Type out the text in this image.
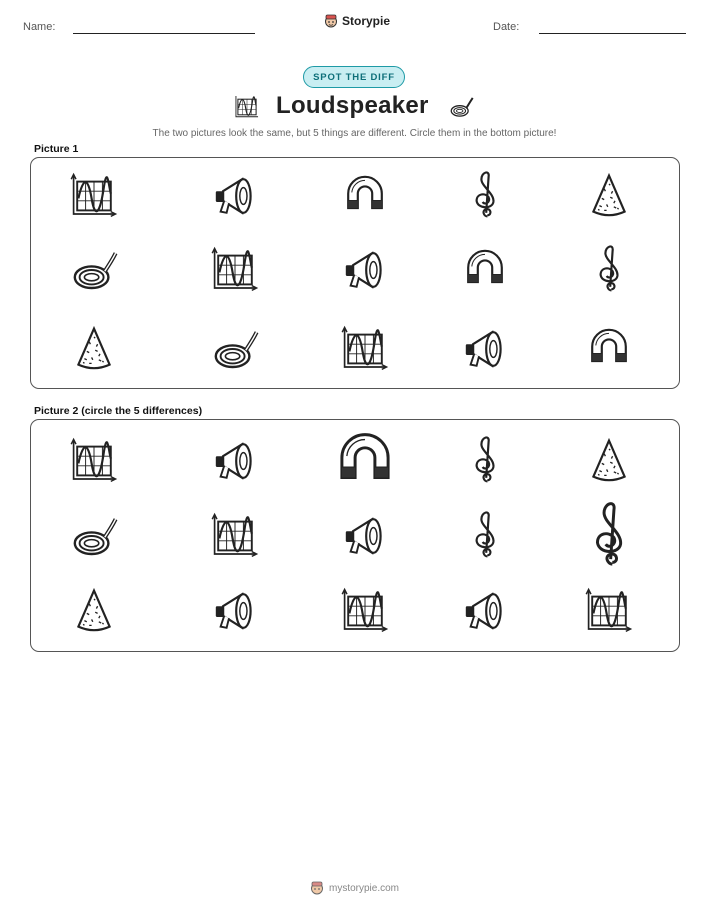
Name:	Storypie	Date:
SPOT THE DIFF
Loudspeaker
The two pictures look the same, but 5 things are different. Circle them in the bottom picture!
Picture 1
Picture 2 (circle the 5 differences)
mystorypie.com
